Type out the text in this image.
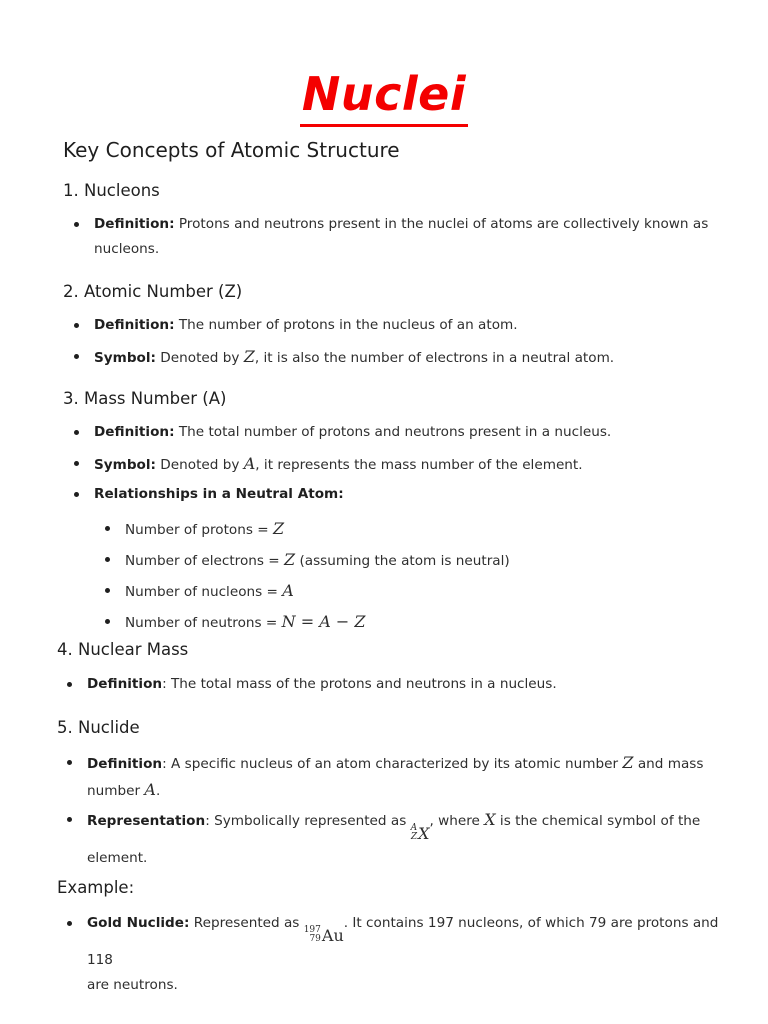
Nuclei
Key Concepts of Atomic Structure
1. Nucleons
Definition: Protons and neutrons present in the nuclei of atoms are collectively known as
nucleons.
2. Atomic Number (Z)
Definition: The number of protons in the nucleus of an atom.
Symbol: Denoted by Z, it is also the number of electrons in a neutral atom.
3. Mass Number (A)
Definition: The total number of protons and neutrons present in a nucleus.
Symbol: Denoted by A, it represents the mass number of the element.
Relationships in a Neutral Atom:
Number of protons = Z
Number of electrons = Z (assuming the atom is neutral)
Number of nucleons = A
Number of neutrons = N = A − Z
4. Nuclear Mass
Definition: The total mass of the protons and neutrons in a nucleus.
5. Nuclide
Definition: A specific nucleus of an atom characterized by its atomic number Z and mass
number A.
Representation: Symbolically represented as A
Z X
, where X is the chemical symbol of the
element.
Example:
Gold Nuclide: Represented as 197
79 Au
. It contains 197 nucleons, of which 79 are protons and 118
are neutrons.
